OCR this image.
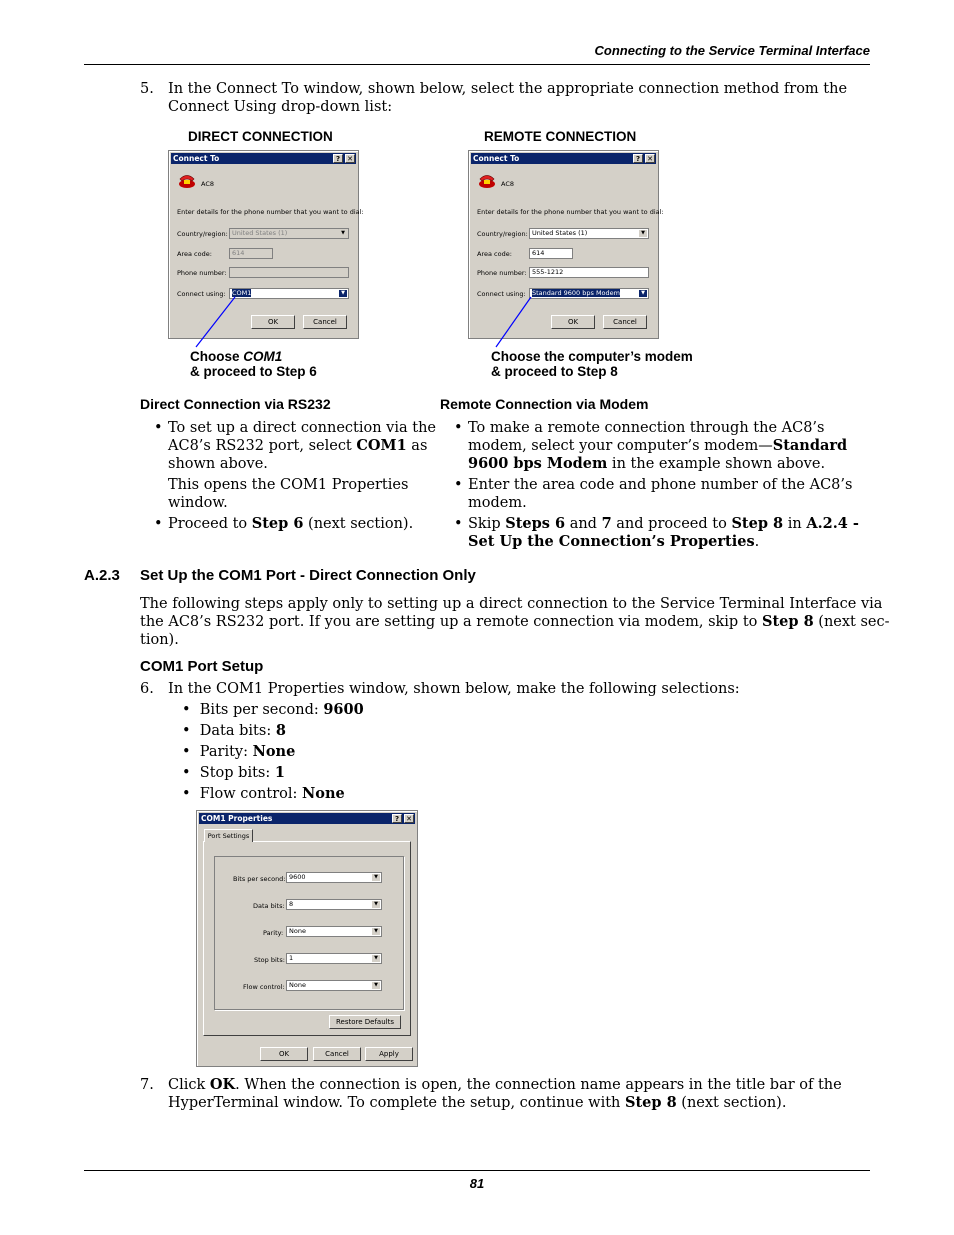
Connecting to the Service Terminal Interface
5. In the Connect To window, shown below, select the appropriate connection method from the
Connect Using drop-down list:
DIRECT CONNECTION	REMOTE CONNECTION
Connect To	?	✕
AC8
Enter details for the phone number that you want to dial:
Country/region: United States (1)	▼
Area code:	614
Phone number:
Connect using: COM1	▼
OK	Cancel
Connect To	?	✕
AC8
Enter details for the phone number that you want to dial:
Country/region: United States (1)	▼
Area code:	614
Phone number: 555-1212
Connect using: Standard 9600 bps Modem	▼
OK	Cancel
Choose COM1
& proceed to Step 6
Choose the computer’s modem
& proceed to Step 8
Direct Connection via RS232	Remote Connection via Modem
• To set up a direct connection via the
AC8’s RS232 port, select COM1 as
shown above.
This opens the COM1 Properties
window.
• Proceed to Step 6 (next section).
• To make a remote connection through the AC8’s
modem, select your computer’s modem—Standard
9600 bps Modem in the example shown above.
• Enter the area code and phone number of the AC8’s
modem.
• Skip Steps 6 and 7 and proceed to Step 8 in A.2.4 -
Set Up the Connection’s Properties.
A.2.3 Set Up the COM1 Port - Direct Connection Only
The following steps apply only to setting up a direct connection to the Service Terminal Interface via
the AC8’s RS232 port. If you are setting up a remote connection via modem, skip to Step 8 (next sec-
tion).
COM1 Port Setup
6. In the COM1 Properties window, shown below, make the following selections:
• Bits per second: 9600
• Data bits: 8
• Parity: None
• Stop bits: 1
• Flow control: None
COM1 Properties	?	✕
Port Settings
Bits per second: 9600	▼
Data bits: 8	▼
Parity: None	▼
Stop bits: 1	▼
Flow control: None	▼
Restore Defaults
OK	Cancel	Apply
7. Click OK. When the connection is open, the connection name appears in the title bar of the
HyperTerminal window. To complete the setup, continue with Step 8 (next section).
81
